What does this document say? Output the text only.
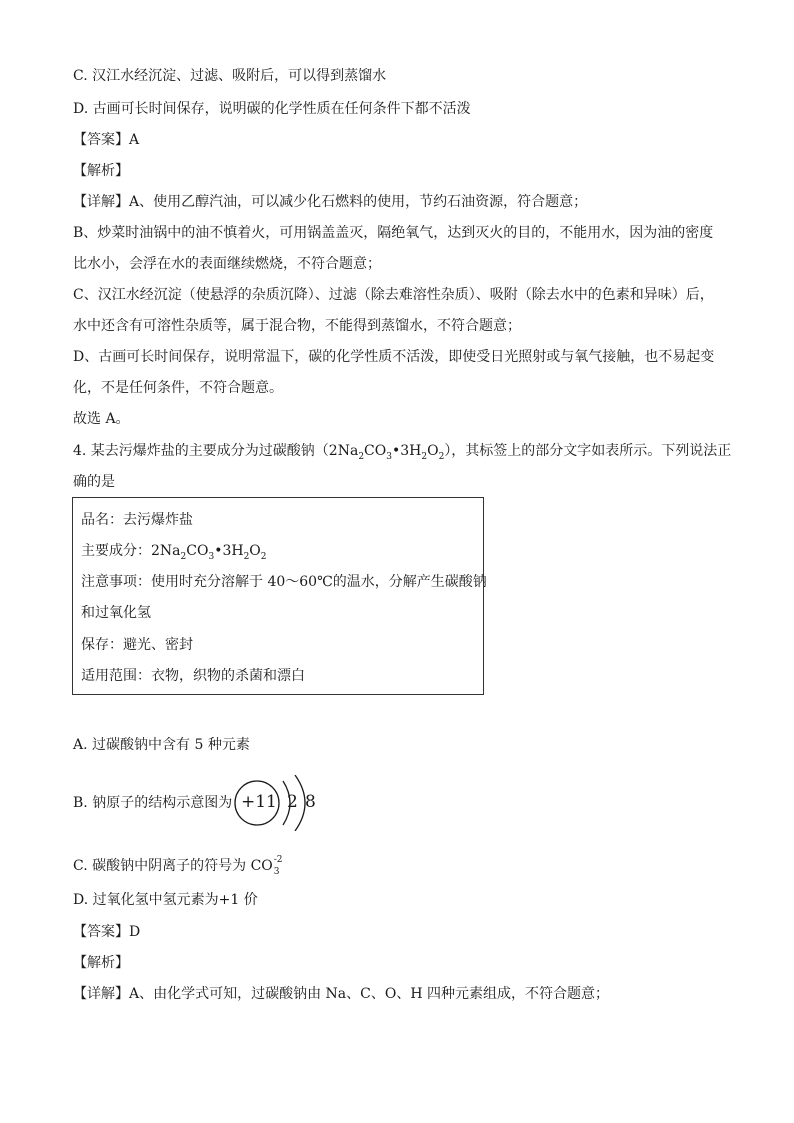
C. 汉江水经沉淀、过滤、吸附后，可以得到蒸馏水
D. 古画可长时间保存，说明碳的化学性质在任何条件下都不活泼
【答案】A
【解析】
【详解】A、使用乙醇汽油，可以减少化石燃料的使用，节约石油资源，符合题意；
B、炒菜时油锅中的油不慎着火，可用锅盖盖灭，隔绝氧气，达到灭火的目的，不能用水，因为油的密度
比水小，会浮在水的表面继续燃烧，不符合题意；
C、汉江水经沉淀（使悬浮的杂质沉降）、过滤（除去难溶性杂质）、吸附（除去水中的色素和异味）后，
水中还含有可溶性杂质等，属于混合物，不能得到蒸馏水，不符合题意；
D、古画可长时间保存，说明常温下，碳的化学性质不活泼，即使受日光照射或与氧气接触，也不易起变
化，不是任何条件，不符合题意。
故选 A。
4. 某去污爆炸盐的主要成分为过碳酸钠$(2Na_2CO_3•3H_2O_2)$，其标签上的部分文字如表所示。下列说法正
确的是
品名：去污爆炸盐
主要成分：$2Na_2CO_3•3H_2O_2$
注意事项：使用时充分溶解于 40～60℃的温水，分解产生碳酸钠
和过氧化氢
保存：避光、密封
适用范围：衣物，织物的杀菌和漂白
A. 过碳酸钠中含有 5 种元素
B. 钠原子的结构示意图为 +11 2 8
C. 碳酸钠中阴离子的符号为 CO -2
3
D. 过氧化氢中氢元素为+1 价
【答案】D
【解析】
【详解】A、由化学式可知，过碳酸钠由 Na、C、O、H 四种元素组成，不符合题意；
